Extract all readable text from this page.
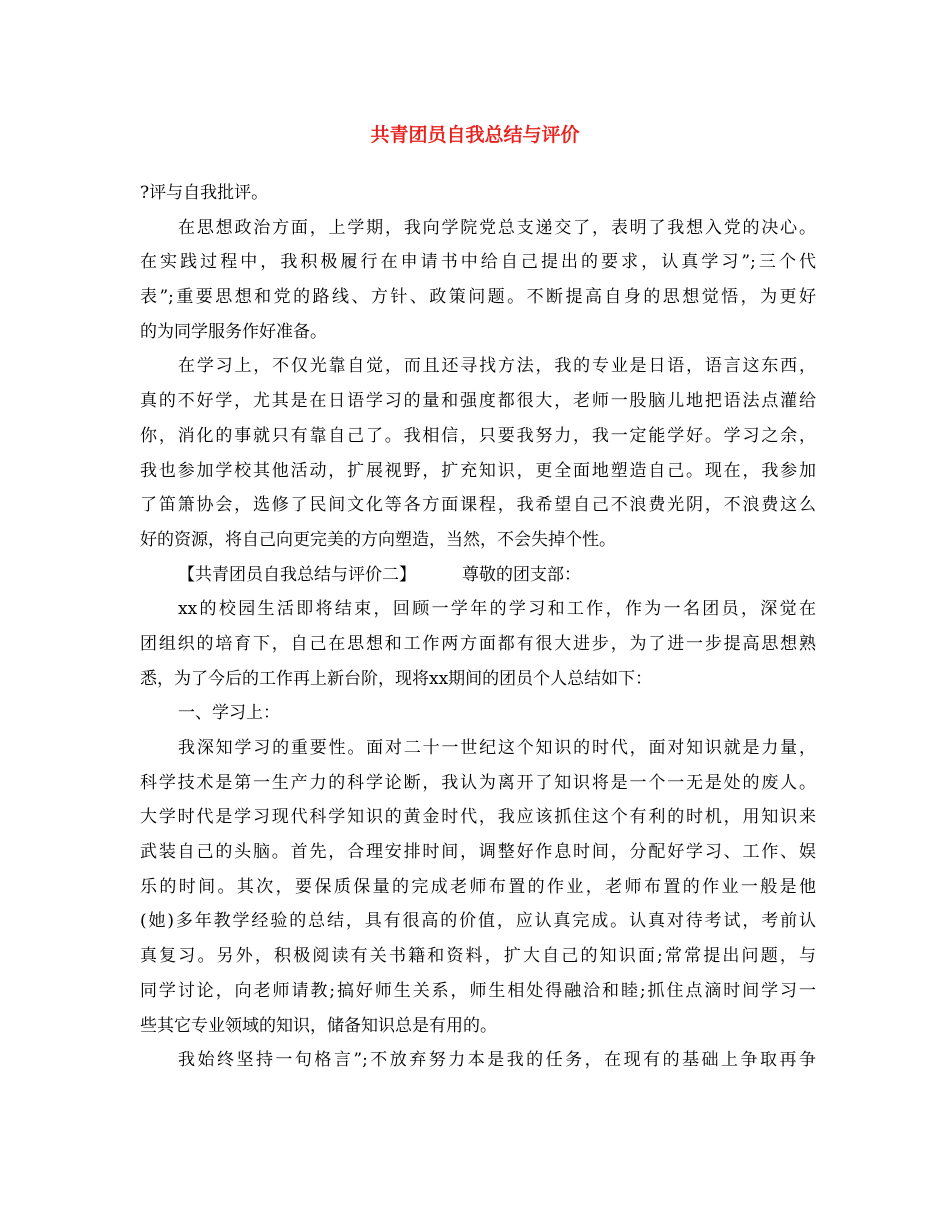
共青团员自我总结与评价
?评与自我批评。
在思想政治方面，上学期，我向学院党总支递交了，表明了我想入党的决心。
在实践过程中，我积极履行在申请书中给自己提出的要求，认真学习”;三个代
表”;重要思想和党的路线、方针、政策问题。不断提高自身的思想觉悟，为更好
的为同学服务作好准备。
在学习上，不仅光靠自觉，而且还寻找方法，我的专业是日语，语言这东西，
真的不好学，尤其是在日语学习的量和强度都很大，老师一股脑儿地把语法点灌给
你，消化的事就只有靠自己了。我相信，只要我努力，我一定能学好。学习之余，
我也参加学校其他活动，扩展视野，扩充知识，更全面地塑造自己。现在，我参加
了笛箫协会，选修了民间文化等各方面课程，我希望自己不浪费光阴，不浪费这么
好的资源，将自己向更完美的方向塑造，当然，不会失掉个性。
【共青团员自我总结与评价二】	尊敬的团支部：
xx的校园生活即将结束，回顾一学年的学习和工作，作为一名团员，深觉在
团组织的培育下，自己在思想和工作两方面都有很大进步，为了进一步提高思想熟
悉，为了今后的工作再上新台阶，现将xx期间的团员个人总结如下：
一、学习上：
我深知学习的重要性。面对二十一世纪这个知识的时代，面对知识就是力量，
科学技术是第一生产力的科学论断，我认为离开了知识将是一个一无是处的废人。
大学时代是学习现代科学知识的黄金时代，我应该抓住这个有利的时机，用知识来
武装自己的头脑。首先，合理安排时间，调整好作息时间，分配好学习、工作、娱
乐的时间。其次，要保质保量的完成老师布置的作业，老师布置的作业一般是他
(她)多年教学经验的总结，具有很高的价值，应认真完成。认真对待考试，考前认
真复习。另外，积极阅读有关书籍和资料，扩大自己的知识面;常常提出问题，与
同学讨论，向老师请教;搞好师生关系，师生相处得融洽和睦;抓住点滴时间学习一
些其它专业领域的知识，储备知识总是有用的。
我始终坚持一句格言”;不放弃努力本是我的任务，在现有的基础上争取再争
